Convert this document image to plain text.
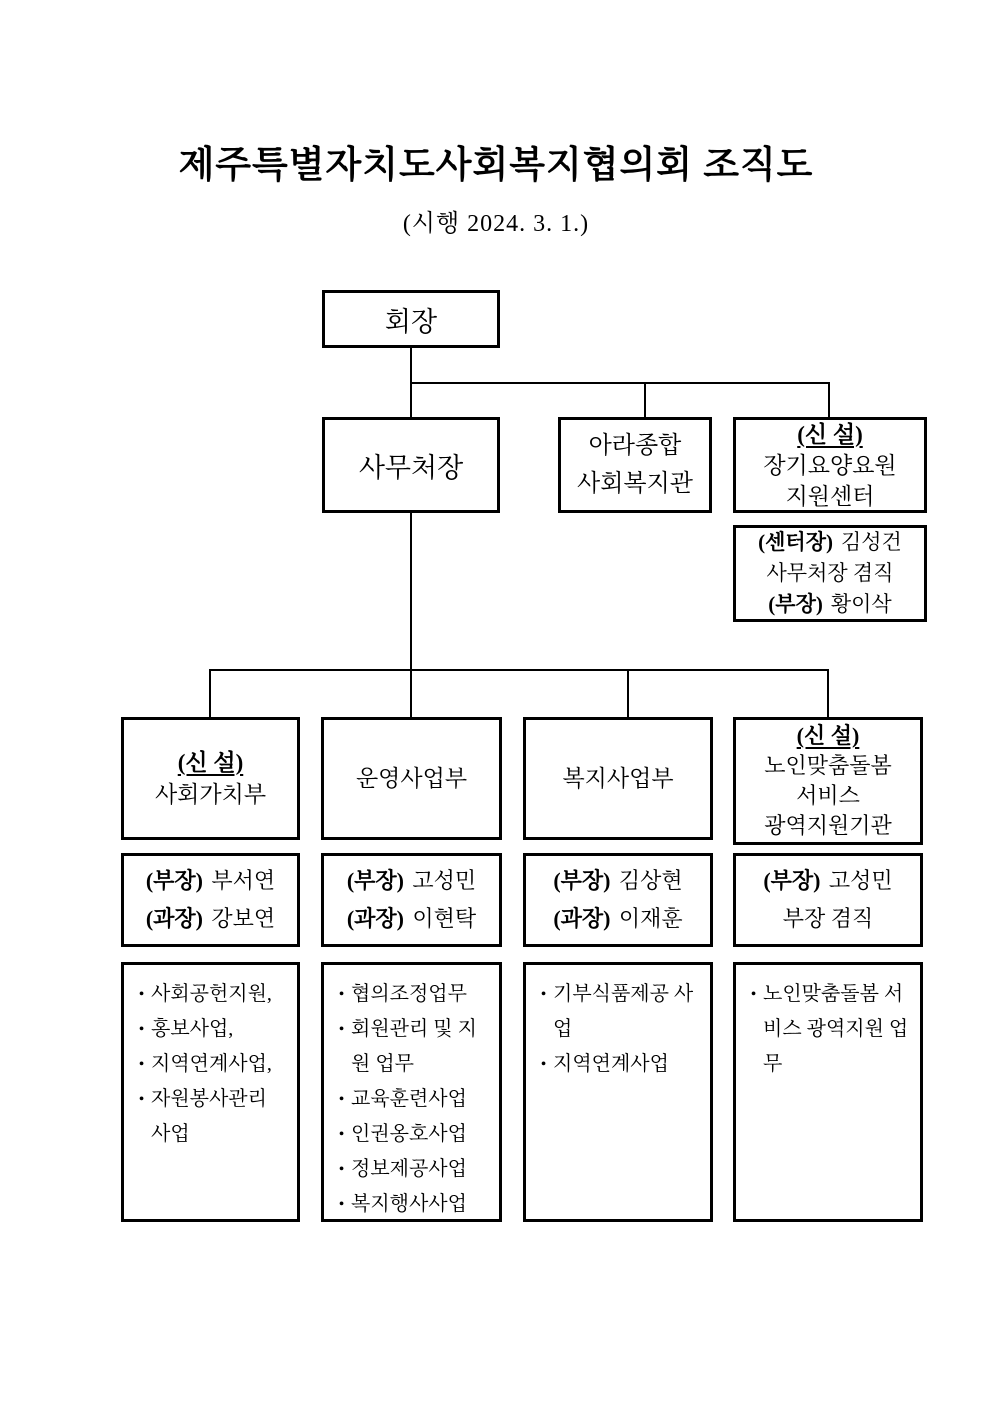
제주특별자치도사회복지협의회 조직도
(시행 2024. 3. 1.)
회장
사무처장
아라종합
사회복지관
(신 설)
장기요양요원
지원센터
(센터장) 김성건
사무처장 겸직
(부장) 황이삭
(신 설)
사회가치부
운영사업부	복지사업부
(신 설)
노인맞춤돌봄
서비스
광역지원기관
(부장) 부서연
(과장) 강보연
(부장) 고성민
(과장) 이현탁
(부장) 김상현
(과장) 이재훈
(부장) 고성민
부장 겸직
• 사회공헌지원,
• 홍보사업,
• 지역연계사업,
• 자원봉사관리 사업
• 협의조정업무
• 회원관리 및 지원 업무
• 교육훈련사업
• 인권옹호사업
• 정보제공사업
• 복지행사사업
• 기부식품제공 사업
• 지역연계사업
• 노인맞춤돌봄 서비스 광역지원 업무
